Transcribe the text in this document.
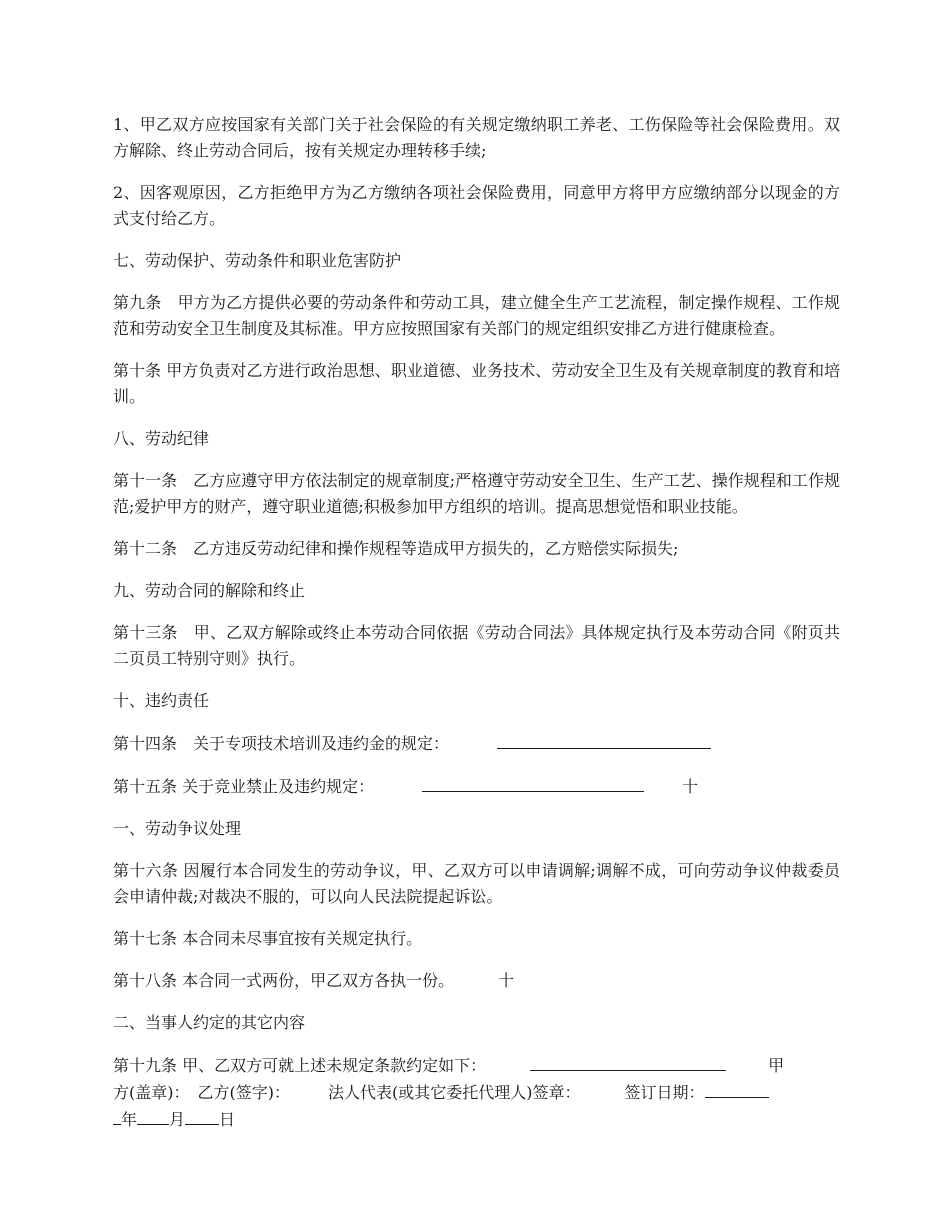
1、甲乙双方应按国家有关部门关于社会保险的有关规定缴纳职工养老、工伤保险等社会保险费用。双方解除、终止劳动合同后，按有关规定办理转移手续;

2、因客观原因，乙方拒绝甲方为乙方缴纳各项社会保险费用，同意甲方将甲方应缴纳部分以现金的方式支付给乙方。

七、劳动保护、劳动条件和职业危害防护

第九条　甲方为乙方提供必要的劳动条件和劳动工具，建立健全生产工艺流程，制定操作规程、工作规范和劳动安全卫生制度及其标准。甲方应按照国家有关部门的规定组织安排乙方进行健康检查。

第十条 甲方负责对乙方进行政治思想、职业道德、业务技术、劳动安全卫生及有关规章制度的教育和培训。

八、劳动纪律

第十一条　乙方应遵守甲方依法制定的规章制度;严格遵守劳动安全卫生、生产工艺、操作规程和工作规范;爱护甲方的财产，遵守职业道德;积极参加甲方组织的培训。提高思想觉悟和职业技能。

第十二条　乙方违反劳动纪律和操作规程等造成甲方损失的，乙方赔偿实际损失;

九、劳动合同的解除和终止

第十三条　甲、乙双方解除或终止本劳动合同依据《劳动合同法》具体规定执行及本劳动合同《附页共二页员工特别守则》执行。

十、违约责任

第十四条　关于专项技术培训及违约金的规定：

第十五条 关于竞业禁止及违约规定：	十

一、劳动争议处理

第十六条 因履行本合同发生的劳动争议，甲、乙双方可以申请调解;调解不成，可向劳动争议仲裁委员会申请仲裁;对裁决不服的，可以向人民法院提起诉讼。

第十七条 本合同未尽事宜按有关规定执行。

第十八条 本合同一式两份，甲乙双方各执一份。	十

二、当事人约定的其它内容

第十九条 甲、乙双方可就上述未规定条款约定如下：	甲
方(盖章)： 乙方(签字)： 法人代表(或其它委托代理人)签章：	签订日期：
年 月 日
